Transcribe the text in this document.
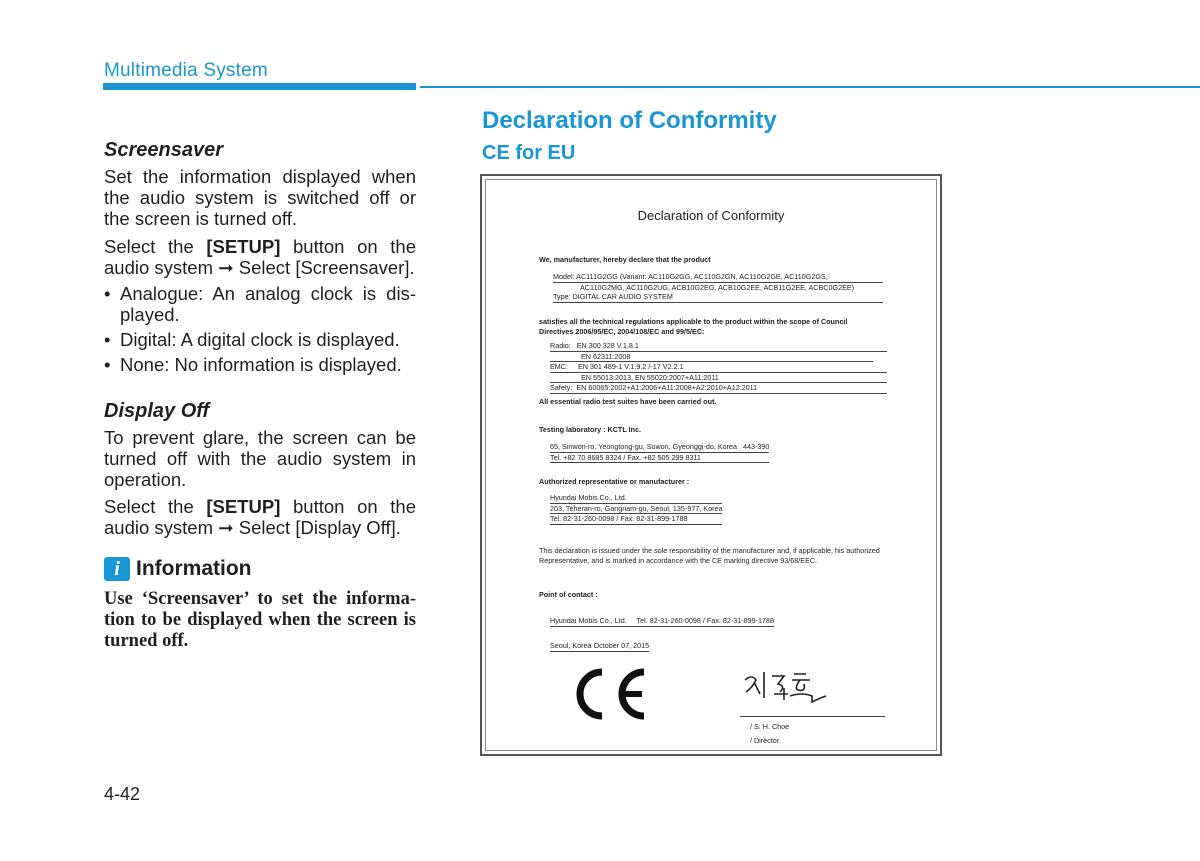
Multimedia System
Screensaver
Set the information displayed when the audio system is switched off or the screen is turned off.
Select the [SETUP] button on the audio system ➞ Select [Screensaver].
• Analogue: An analog clock is dis-played.
• Digital: A digital clock is displayed.
• None: No information is displayed.
Display Off
To prevent glare, the screen can be turned off with the audio system in operation.
Select the [SETUP] button on the audio system ➞ Select [Display Off].
i Information
Use ‘Screensaver’ to set the informa-tion to be displayed when the screen is turned off.
Declaration of Conformity
CE for EU
Declaration of Conformity
We, manufacturer, hereby declare that the product
Model: AC111G2GG (Variant: AC110G2GG, AC110G2GN, AC110G2GE, AC110G2GS,
AC110G2MG, AC110G2UG, ACB10G2EG, ACB10G2EE, ACB11G2EE, ACBC0G2EE)
Type: DIGITAL CAR AUDIO SYSTEM
satisfies all the technical regulations applicable to the product within the scope of Council
Directives 2006/95/EC, 2004/108/EC and 99/5/EC:
Radio:   EN 300 328 V.1.8.1
EN 62311:2008
EMC:     EN 301 489-1 V.1.9.2 /-17 V2.2.1
EN 55013:2013, EN 55020:2007+A11:2011
Safety:  EN 60065:2002+A1:2006+A11:2008+A2:2010+A12:2011
All essential radio test suites have been carried out.
Testing laboratory : KCTL Inc.
65, Sinwon-ro, Yeongtong-gu, Suwon, Gyeonggi-do, Korea   443-390
Tel. +82 70 8685 8324 / Fax. +82 505 299 8311
Authorized representative or manufacturer :
Hyundai Mobis Co., Ltd.
203, Teheran-ro, Gangnam-gu, Seoul, 135-977, Korea
Tel. 82-31-260-0098 / Fax. 82-31-899-1788
This declaration is issued under the sole responsibility of the manufacturer and, if applicable, his authorized
Representative, and is marked in accordance with the CE marking directive 93/68/EEC.
Point of contact :
Hyundai Mobis Co., Ltd.     Tel. 82-31-260-0098 / Fax. 82-31-899-1788
Seoul, Korea October 07, 2015
/ S. H. Choe
/ Director
4-42
